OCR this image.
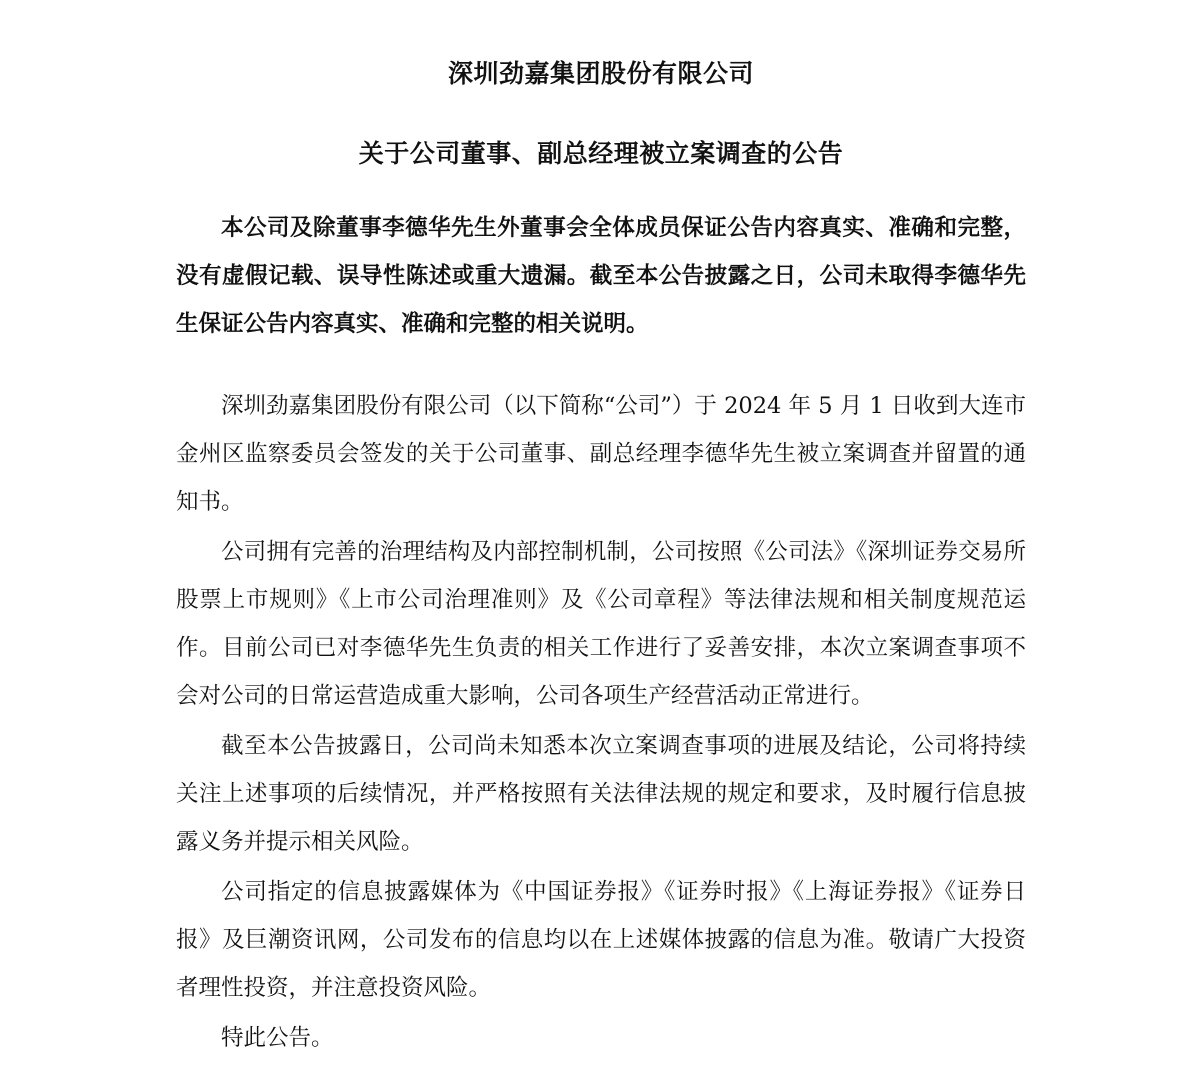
深圳劲嘉集团股份有限公司
关于公司董事、副总经理被立案调查的公告

本公司及除董事李德华先生外董事会全体成员保证公告内容真实、准确和完整，没有虚假记载、误导性陈述或重大遗漏。截至本公告披露之日，公司未取得李德华先生保证公告内容真实、准确和完整的相关说明。

深圳劲嘉集团股份有限公司（以下简称“公司”）于 2024 年 5 月 1 日收到大连市金州区监察委员会签发的关于公司董事、副总经理李德华先生被立案调查并留置的通知书。

公司拥有完善的治理结构及内部控制机制，公司按照《公司法》《深圳证券交易所股票上市规则》《上市公司治理准则》及《公司章程》等法律法规和相关制度规范运作。目前公司已对李德华先生负责的相关工作进行了妥善安排，本次立案调查事项不会对公司的日常运营造成重大影响，公司各项生产经营活动正常进行。

截至本公告披露日，公司尚未知悉本次立案调查事项的进展及结论，公司将持续关注上述事项的后续情况，并严格按照有关法律法规的规定和要求，及时履行信息披露义务并提示相关风险。

公司指定的信息披露媒体为《中国证券报》《证券时报》《上海证券报》《证券日报》及巨潮资讯网，公司发布的信息均以在上述媒体披露的信息为准。敬请广大投资者理性投资，并注意投资风险。

特此公告。
